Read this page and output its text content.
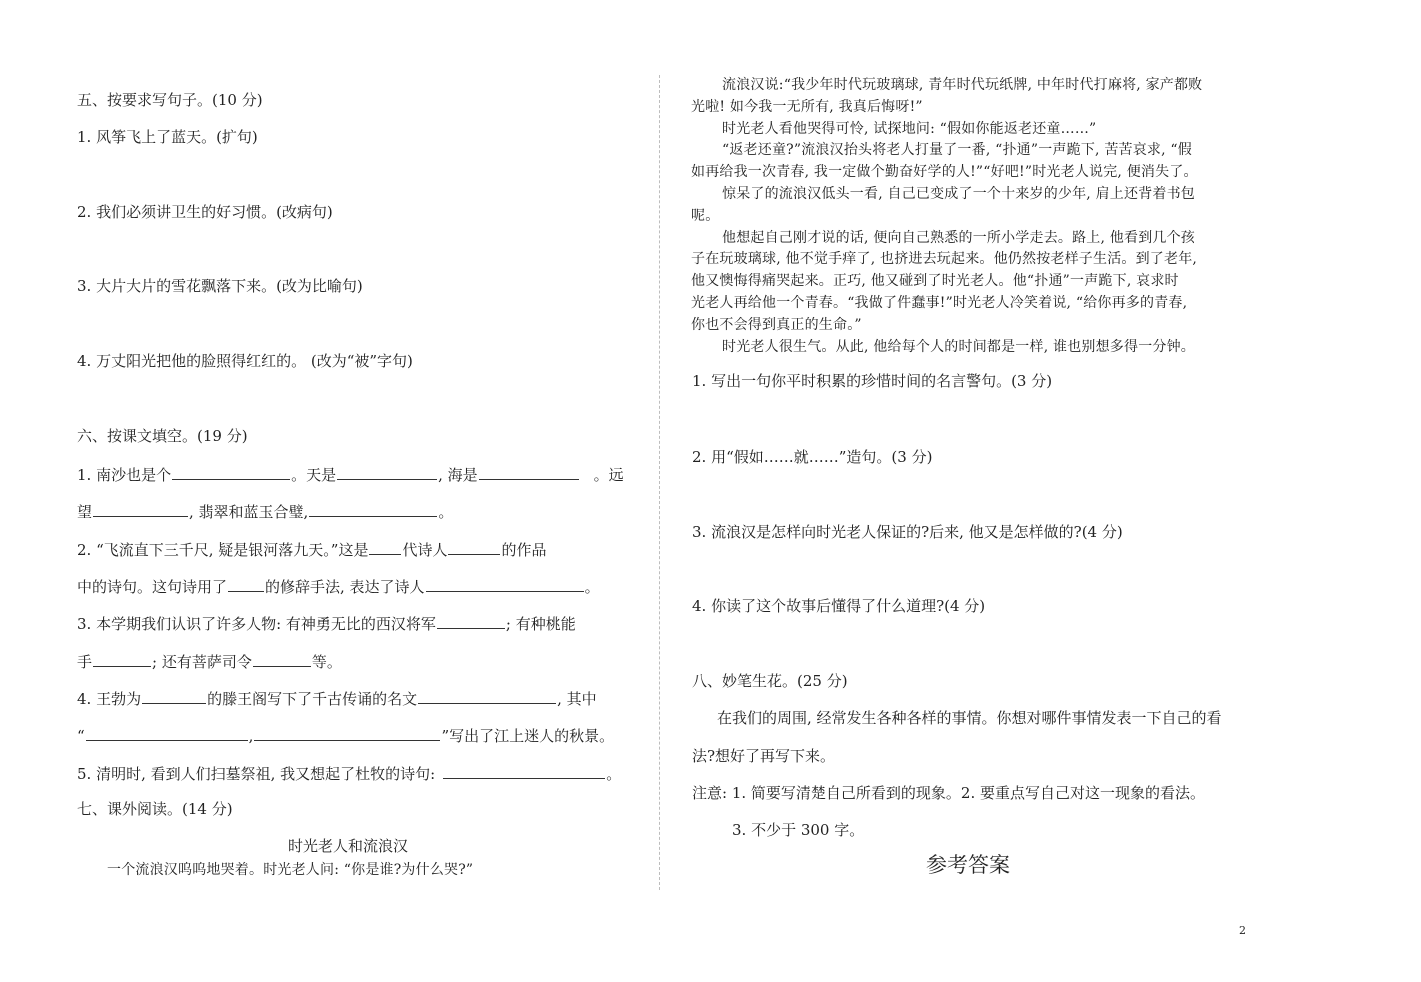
五、按要求写句子。(10 分)
1. 风筝飞上了蓝天。(扩句)
2. 我们必须讲卫生的好习惯。(改病句)
3. 大片大片的雪花飘落下来。(改为比喻句)
4. 万丈阳光把他的脸照得红红的。 (改为“被”字句)
六、按课文填空。(19 分)
1. 南沙也是个	。天是	, 海是	。远
望	, 翡翠和蓝玉合璧,	。
2. “飞流直下三千尺, 疑是银河落九天。”这是 代诗人	的作品
中的诗句。这句诗用了	的修辞手法, 表达了诗人	。
3. 本学期我们认识了许多人物: 有神勇无比的西汉将军	; 有种桃能
手	; 还有菩萨司令	等。
4. 王勃为	的滕王阁写下了千古传诵的名文	, 其中
“	,	”写出了江上迷人的秋景。
5. 清明时, 看到人们扫墓祭祖, 我又想起了杜牧的诗句:	。
七、课外阅读。(14 分)
时光老人和流浪汉

一个流浪汉呜呜地哭着。时光老人问: “你是谁?为什么哭?”

流浪汉说:“我少年时代玩玻璃球, 青年时代玩纸牌, 中年时代打麻将, 家产都败

光啦! 如今我一无所有, 我真后悔呀!”

时光老人看他哭得可怜, 试探地问: “假如你能返老还童……”

“返老还童?”流浪汉抬头将老人打量了一番, “扑通”一声跪下, 苦苦哀求, “假

如再给我一次青春, 我一定做个勤奋好学的人!”“好吧!”时光老人说完, 便消失了。

惊呆了的流浪汉低头一看, 自己已变成了一个十来岁的少年, 肩上还背着书包

呢。

他想起自己刚才说的话, 便向自己熟悉的一所小学走去。路上, 他看到几个孩

子在玩玻璃球, 他不觉手痒了, 也挤进去玩起来。他仍然按老样子生活。到了老年,

他又懊悔得痛哭起来。正巧, 他又碰到了时光老人。他“扑通”一声跪下, 哀求时

光老人再给他一个青春。“我做了件蠢事!”时光老人冷笑着说, “给你再多的青春,

你也不会得到真正的生命。”

时光老人很生气。从此, 他给每个人的时间都是一样, 谁也别想多得一分钟。

1. 写出一句你平时积累的珍惜时间的名言警句。(3 分)
2. 用“假如……就……”造句。(3 分)
3. 流浪汉是怎样向时光老人保证的?后来, 他又是怎样做的?(4 分)
4. 你读了这个故事后懂得了什么道理?(4 分)
八、妙笔生花。(25 分)
在我们的周围, 经常发生各种各样的事情。你想对哪件事情发表一下自己的看
法?想好了再写下来。
注意: 1. 简要写清楚自己所看到的现象。2. 要重点写自己对这一现象的看法。
3. 不少于 300 字。
参考答案
2
